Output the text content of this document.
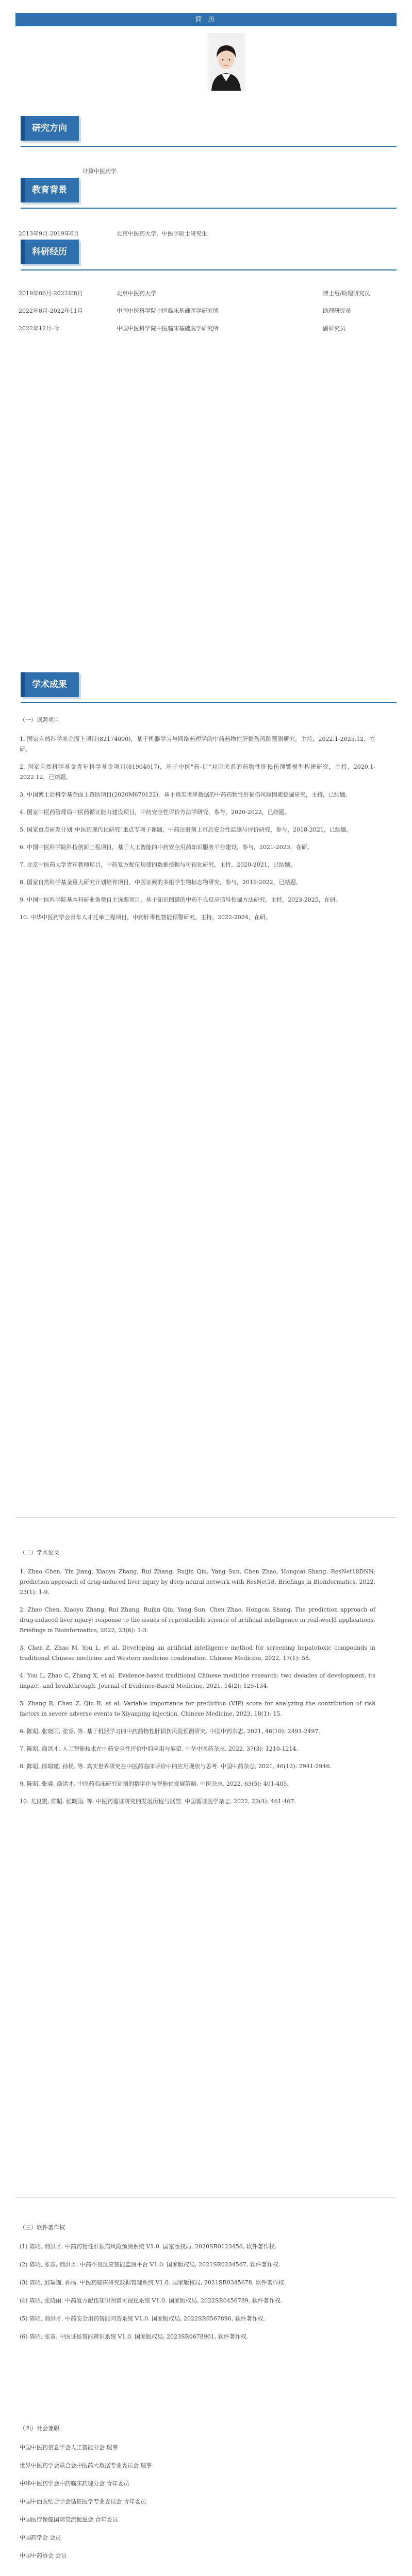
简 历
研究方向
计算中医药学
教育背景
2013年9月-2019年6月	北京中医药大学，中医学硕士研究生
科研经历
2019年06月-2022年8月	北京中医药大学	博士后/助理研究员
2022年8月-2022年11月	中国中医科学院中医临床基础医学研究所	助理研究员
2022年12月-今	中国中医科学院中医临床基础医学研究所	副研究员
学术成果
（一）课题项目

1. 国家自然科学基金面上项目(82174000)，基于机器学习与网络药理学的中药药物性肝损伤风险预测研究，主持，2022.1-2025.12，在研。

2. 国家自然科学基金青年科学基金项目(81904017)，基于中医"药-证"对应关系的药物性肝损伤预警模型构建研究，主持，2020.1-2022.12，已结题。

3. 中国博士后科学基金面上资助项目(2020M670122)，基于真实世界数据的中药药物性肝损伤风险因素挖掘研究，主持，已结题。

4. 国家中医药管理局中医药循证能力建设项目，中药安全性评价方法学研究，参与，2020-2022，已结题。

5. 国家重点研发计划"中医药现代化研究"重点专项子课题，中药注射剂上市后安全性监测与评价研究，参与，2018-2021，已结题。

6. 中国中医科学院科技创新工程项目，基于人工智能的中药安全用药知识服务平台建设，参与，2021-2023，在研。

7. 北京中医药大学青年教师项目，中药复方配伍规律的数据挖掘与可视化研究，主持，2020-2021，已结题。

8. 国家自然科学基金重大研究计划培育项目，中医证候的多组学生物标志物研究，参与，2019-2022，已结题。

9. 中国中医科学院基本科研业务费自主选题项目，基于知识图谱的中药不良反应信号挖掘方法研究，主持，2023-2025，在研。

10. 中华中医药学会青年人才托举工程项目，中药肝毒性智能预警研究，主持，2022-2024，在研。

（二）学术论文

1. Zhao Chen, Yin Jiang, Xiaoyu Zhang, Rui Zhang, Ruijin Qiu, Yang Sun, Chen Zhao, Hongcai Shang. ResNet18DNN: prediction approach of drug-induced liver injury by deep neural network with ResNet18. Briefings in Bioinformatics, 2022, 23(1): 1-9.

2. Zhao Chen, Xiaoyu Zhang, Rui Zhang, Ruijin Qiu, Yang Sun, Chen Zhao, Hongcai Shang. The prediction approach of drug-induced liver injury: response to the issues of reproducible science of artificial intelligence in real-world applications. Briefings in Bioinformatics, 2022, 23(6): 1-3.

3. Chen Z, Zhao M, You L, et al. Developing an artificial intelligence method for screening hepatotoxic compounds in traditional Chinese medicine and Western medicine combination. Chinese Medicine, 2022, 17(1): 58.

4. You L, Zhao C, Zhang X, et al. Evidence-based traditional Chinese medicine research: two decades of development, its impact, and breakthrough. Journal of Evidence-Based Medicine, 2021, 14(2): 125-134.

5. Zhang R, Chen Z, Qiu R, et al. Variable importance for prediction (VIP) score for analyzing the contribution of risk factors in severe adverse events to Xiyanping injection. Chinese Medicine, 2023, 18(1): 15.

6. 陈昭, 张晓雨, 张睿, 等. 基于机器学习的中药药物性肝损伤风险预测研究. 中国中药杂志, 2021, 46(10): 2491-2497.

7. 陈昭, 商洪才. 人工智能技术在中药安全性评价中的应用与展望. 中华中医药杂志, 2022, 37(3): 1210-1214.

8. 陈昭, 邱瑞瑾, 孙杨, 等. 真实世界研究在中医药临床评价中的应用现状与思考. 中国中药杂志, 2021, 46(12): 2941-2946.

9. 陈昭, 张睿, 商洪才. 中医药临床研究证据的数字化与智能化发展策略. 中医杂志, 2022, 63(5): 401-405.

10. 尤良震, 陈昭, 张晓雨, 等. 中医药循证研究的发展历程与展望. 中国循证医学杂志, 2022, 22(4): 461-467.

（三）软件著作权

(1) 陈昭, 商洪才. 中药药物性肝损伤风险预测系统 V1.0. 国家版权局, 2020SR0123456, 软件著作权.

(2) 陈昭, 张睿, 商洪才. 中药不良反应智能监测平台 V1.0. 国家版权局, 2021SR0234567, 软件著作权.

(3) 陈昭, 邱瑞瑾, 孙杨. 中医药临床研究数据管理系统 V1.0. 国家版权局, 2021SR0345678, 软件著作权.

(4) 陈昭, 张晓雨. 中药复方配伍知识图谱可视化系统 V1.0. 国家版权局, 2022SR0456789, 软件著作权.

(5) 陈昭, 商洪才. 中药安全用药智能问答系统 V1.0. 国家版权局, 2022SR0567890, 软件著作权.

(6) 陈昭, 张睿. 中医证候智能辨识系统 V1.0. 国家版权局, 2023SR0678901, 软件著作权.

（四）社会兼职

中国中医药信息学会人工智能分会 理事

世界中医药学会联合会中医药大数据专业委员会 理事

中华中医药学会中药临床药理分会 青年委员

中国中西医结合学会循证医学专业委员会 青年委员

中国医疗保健国际交流促进会 青年委员

中国药学会 会员

中国中药协会 会员
